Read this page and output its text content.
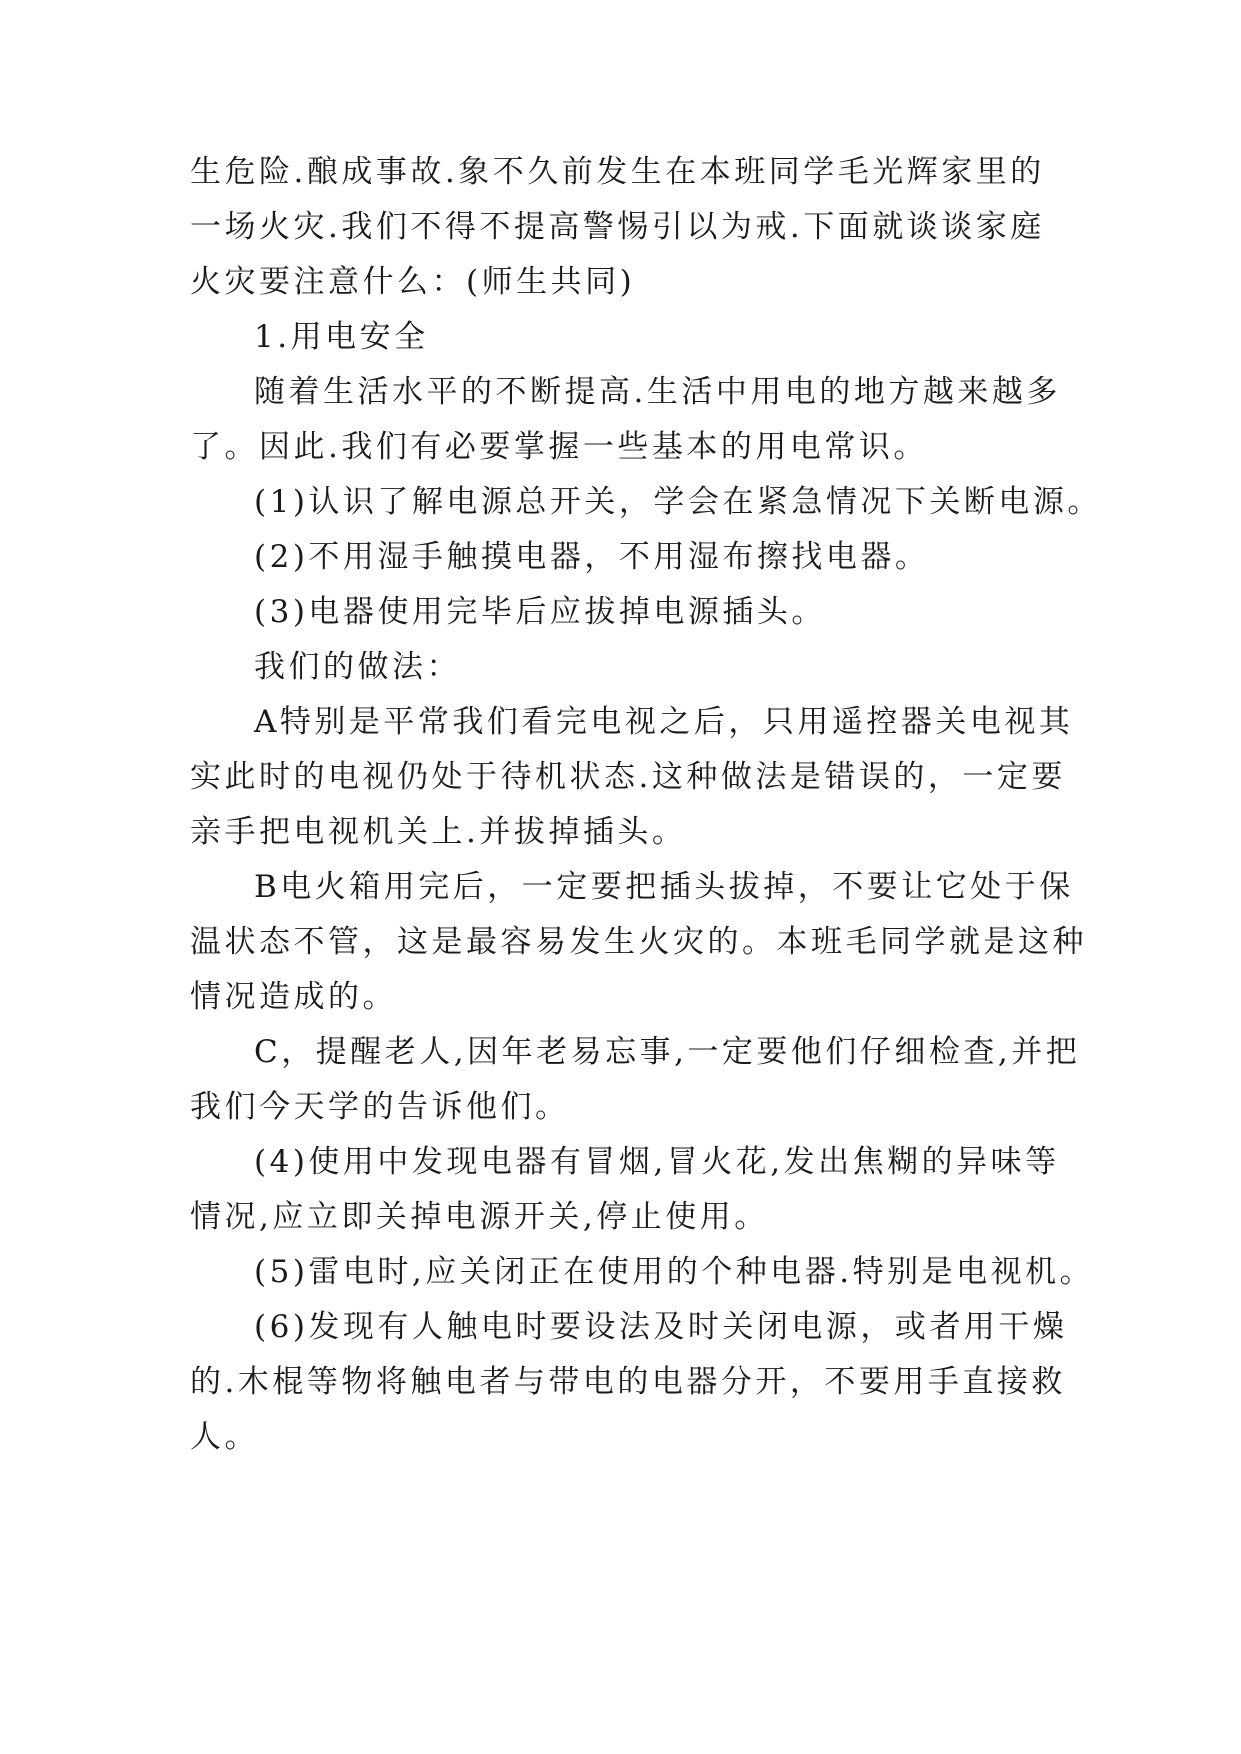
生危险.酿成事故.象不久前发生在本班同学毛光辉家里的
一场火灾.我们不得不提高警惕引以为戒.下面就谈谈家庭
火灾要注意什么：(师生共同)
1.用电安全
随着生活水平的不断提高.生活中用电的地方越来越多
了。因此.我们有必要掌握一些基本的用电常识。
(1)认识了解电源总开关，学会在紧急情况下关断电源。
(2)不用湿手触摸电器，不用湿布擦找电器。
(3)电器使用完毕后应拔掉电源插头。
我们的做法：
A特别是平常我们看完电视之后，只用遥控器关电视其
实此时的电视仍处于待机状态.这种做法是错误的，一定要
亲手把电视机关上.并拔掉插头。
B电火箱用完后，一定要把插头拔掉，不要让它处于保
温状态不管，这是最容易发生火灾的。本班毛同学就是这种
情况造成的。
C，提醒老人,因年老易忘事,一定要他们仔细检查,并把
我们今天学的告诉他们。
(4)使用中发现电器有冒烟,冒火花,发出焦糊的异味等
情况,应立即关掉电源开关,停止使用。
(5)雷电时,应关闭正在使用的个种电器.特别是电视机。
(6)发现有人触电时要设法及时关闭电源，或者用干燥
的.木棍等物将触电者与带电的电器分开，不要用手直接救
人。
